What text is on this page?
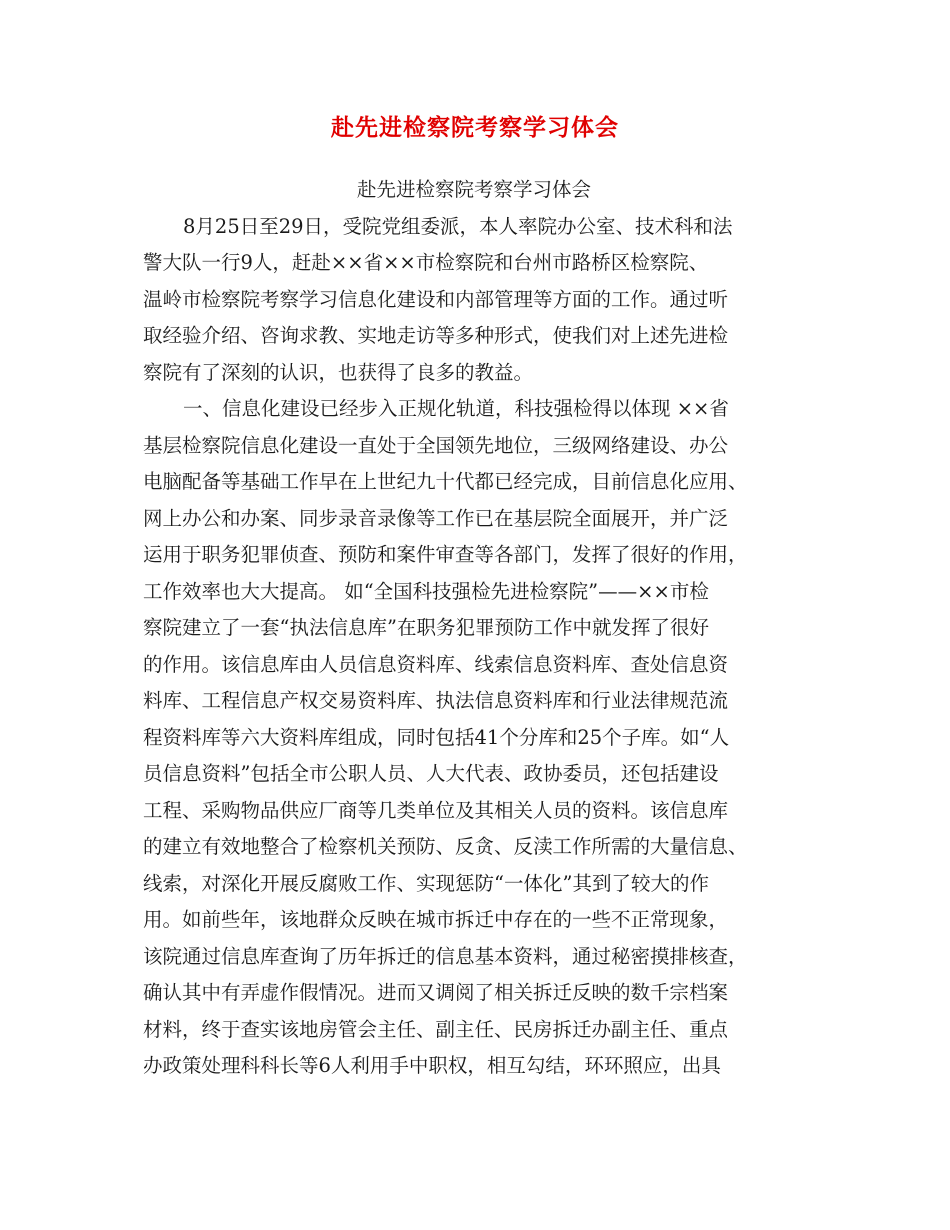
赴先进检察院考察学习体会
赴先进检察院考察学习体会
8月25日至29日，受院党组委派，本人率院办公室、技术科和法
警大队一行9人，赶赴××省××市检察院和台州市路桥区检察院、
温岭市检察院考察学习信息化建设和内部管理等方面的工作。通过听
取经验介绍、咨询求教、实地走访等多种形式，使我们对上述先进检
察院有了深刻的认识，也获得了良多的教益。
一、信息化建设已经步入正规化轨道，科技强检得以体现 ××省
基层检察院信息化建设一直处于全国领先地位，三级网络建设、办公
电脑配备等基础工作早在上世纪九十代都已经完成，目前信息化应用、
网上办公和办案、同步录音录像等工作已在基层院全面展开，并广泛
运用于职务犯罪侦查、预防和案件审查等各部门，发挥了很好的作用，
工作效率也大大提高。 如“全国科技强检先进检察院”——××市检
察院建立了一套“执法信息库”在职务犯罪预防工作中就发挥了很好
的作用。该信息库由人员信息资料库、线索信息资料库、查处信息资
料库、工程信息产权交易资料库、执法信息资料库和行业法律规范流
程资料库等六大资料库组成，同时包括41个分库和25个子库。如“人
员信息资料”包括全市公职人员、人大代表、政协委员，还包括建设
工程、采购物品供应厂商等几类单位及其相关人员的资料。该信息库
的建立有效地整合了检察机关预防、反贪、反渎工作所需的大量信息、
线索，对深化开展反腐败工作、实现惩防“一体化”其到了较大的作
用。如前些年，该地群众反映在城市拆迁中存在的一些不正常现象，
该院通过信息库查询了历年拆迁的信息基本资料，通过秘密摸排核查，
确认其中有弄虚作假情况。进而又调阅了相关拆迁反映的数千宗档案
材料，终于查实该地房管会主任、副主任、民房拆迁办副主任、重点
办政策处理科科长等6人利用手中职权，相互勾结，环环照应，出具
